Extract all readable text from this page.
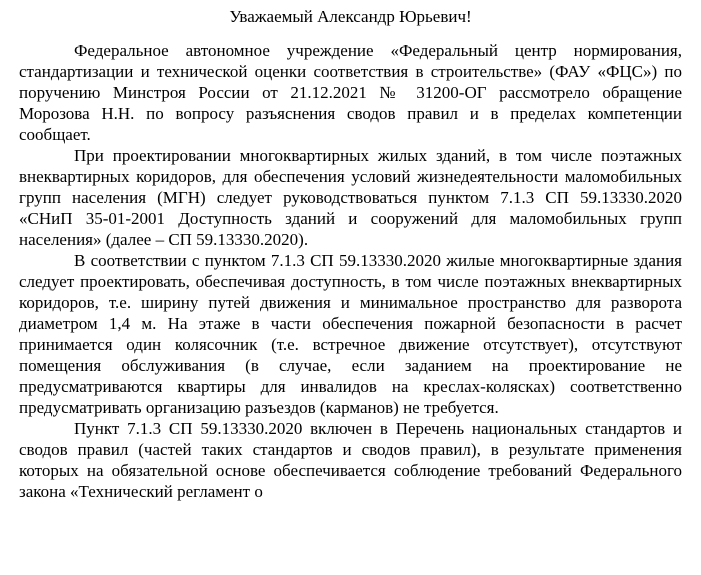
Уважаемый Александр Юрьевич!

Федеральное автономное учреждение «Федеральный центр нормирования, стандартизации и технической оценки соответствия в строительстве» (ФАУ «ФЦС») по поручению Минстроя России от 21.12.2021 № 31200-ОГ рассмотрело обращение Морозова Н.Н. по вопросу разъяснения сводов правил и в пределах компетенции сообщает.

При проектировании многоквартирных жилых зданий, в том числе поэтажных внеквартирных коридоров, для обеспечения условий жизнедеятельности маломобильных групп населения (МГН) следует руководствоваться пунктом 7.1.3 СП 59.13330.2020 «СНиП 35-01-2001 Доступность зданий и сооружений для маломобильных групп населения» (далее – СП 59.13330.2020).

В соответствии с пунктом 7.1.3 СП 59.13330.2020 жилые многоквартирные здания следует проектировать, обеспечивая доступность, в том числе поэтажных внеквартирных коридоров, т.е. ширину путей движения и минимальное пространство для разворота диаметром 1,4 м. На этаже в части обеспечения пожарной безопасности в расчет принимается один колясочник (т.е. встречное движение отсутствует), отсутствуют помещения обслуживания (в случае, если заданием на проектирование не предусматриваются квартиры для инвалидов на креслах-колясках) соответственно предусматривать организацию разъездов (карманов) не требуется.

Пункт 7.1.3 СП 59.13330.2020 включен в Перечень национальных стандартов и сводов правил (частей таких стандартов и сводов правил), в результате применения которых на обязательной основе обеспечивается соблюдение требований Федерального закона «Технический регламент о
